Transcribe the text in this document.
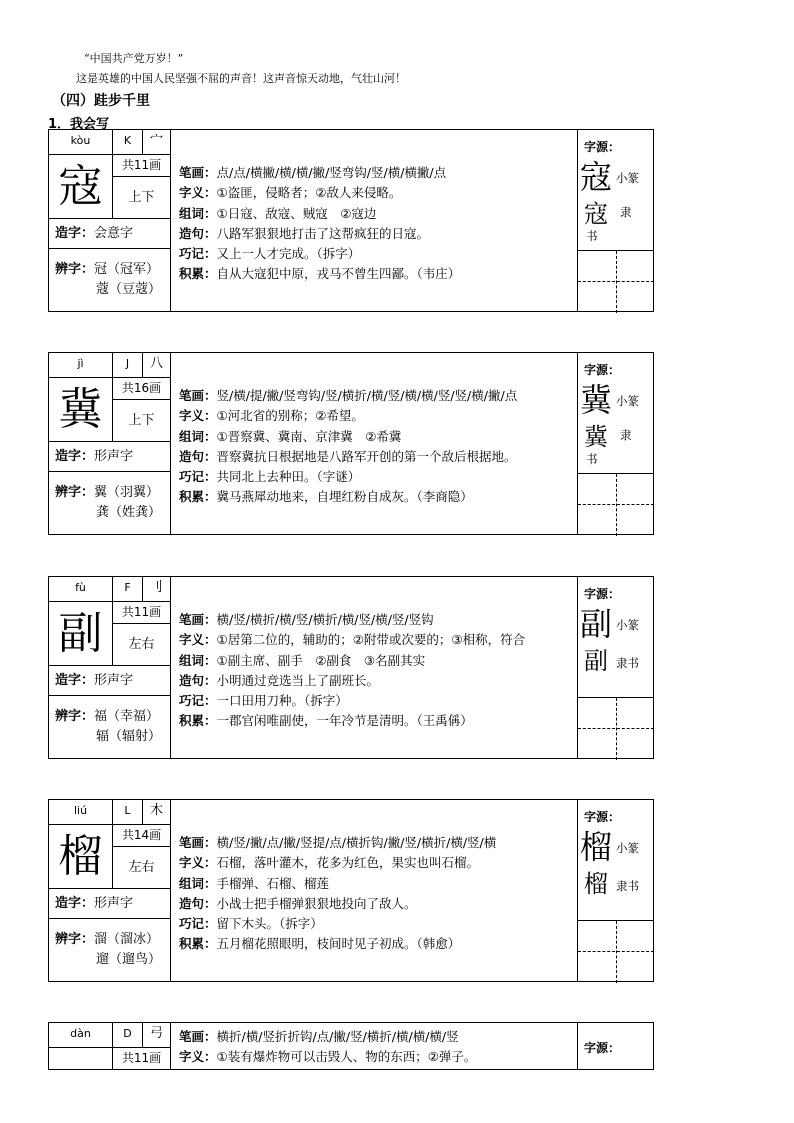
“中国共产党万岁！”
这是英雄的中国人民坚强不屈的声音！这声音惊天动地，气壮山河！
（四）跬步千里
1．我会写
kòu	K	宀
寇	共11画
上下
造字：会意字
辨字：冠（冠军）
蔻（豆蔻）
笔画：点/点/横撇/横/横/撇/竖弯钩/竖/横/横撇/点
字义：①盗匪，侵略者；②敌人来侵略。
组词：①日寇、敌寇、贼寇　②寇边
造句：八路军狠狠地打击了这帮疯狂的日寇。
巧记：又上一人才完成。（拆字）
积累：自从大寇犯中原，戎马不曾生四鄙。（韦庄）
字源：
寇 小篆
寇 隶
书
jì	J	八
冀	共16画
上下
造字：形声字
辨字：翼（羽翼）
龚（姓龚）
笔画：竖/横/提/撇/竖弯钩/竖/横折/横/竖/横/横/竖/竖/横/撇/点
字义：①河北省的别称；②希望。
组词：①晋察冀、冀南、京津冀　②希冀
造句：晋察冀抗日根据地是八路军开创的第一个敌后根据地。
巧记：共同北上去种田。（字谜）
积累：冀马燕犀动地来，自埋红粉自成灰。（李商隐）
字源：
冀 小篆
冀 隶
书
fù	F	刂
副	共11画
左右
造字：形声字
辨字：福（幸福）
辐（辐射）
笔画：横/竖/横折/横/竖/横折/横/竖/横/竖/竖钩
字义：①居第二位的，辅助的；②附带或次要的；③相称，符合
组词：①副主席、副手　②副食　③名副其实
造句：小明通过竞选当上了副班长。
巧记：一口田用刀种。（拆字）
积累：一郡官闲唯副使，一年冷节是清明。（王禹偁）
字源：
副 小篆
副 隶书
liú	L	木
榴	共14画
左右
造字：形声字
辨字：溜（溜冰）
遛（遛鸟）
笔画：横/竖/撇/点/撇/竖提/点/横折钩/撇/竖/横折/横/竖/横
字义：石榴，落叶灌木，花多为红色，果实也叫石榴。
组词：手榴弹、石榴、榴莲
造句：小战士把手榴弹狠狠地投向了敌人。
巧记：留下木头。（拆字）
积累：五月榴花照眼明，枝间时见子初成。（韩愈）
字源：
榴 小篆
榴 隶书
dàn	D	弓
共11画
笔画：横折/横/竖折折钩/点/撇/竖/横折/横/横/横/竖
字义：①装有爆炸物可以击毁人、物的东西；②弹子。
字源：
